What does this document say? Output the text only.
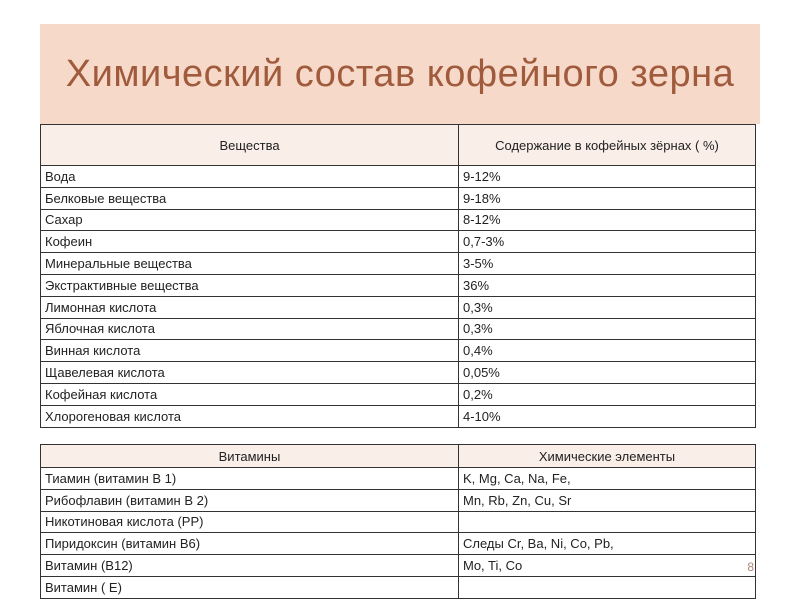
Химический состав кофейного зерна
Вещества	Содержание в кофейных зёрнах ( %)
Вода	9-12%
Белковые вещества	9-18%
Сахар	8-12%
Кофеин	0,7-3%
Минеральные вещества	3-5%
Экстрактивные вещества	36%
Лимонная кислота	0,3%
Яблочная кислота	0,3%
Винная кислота	0,4%
Щавелевая кислота	0,05%
Кофейная кислота	0,2%
Хлорогеновая кислота	4-10%
Витамины	Химические элементы
Тиамин (витамин B 1)	K, Mg, Ca, Na, Fe,
Рибофлавин (витамин B 2)	Mn, Rb, Zn, Cu, Sr
Никотиновая кислота (PP)	
Пиридоксин (витамин B6)	Следы Cr, Ba, Ni, Co, Pb,
Витамин (B12)	Mo, Ti, Co
Витамин ( E)	
8
